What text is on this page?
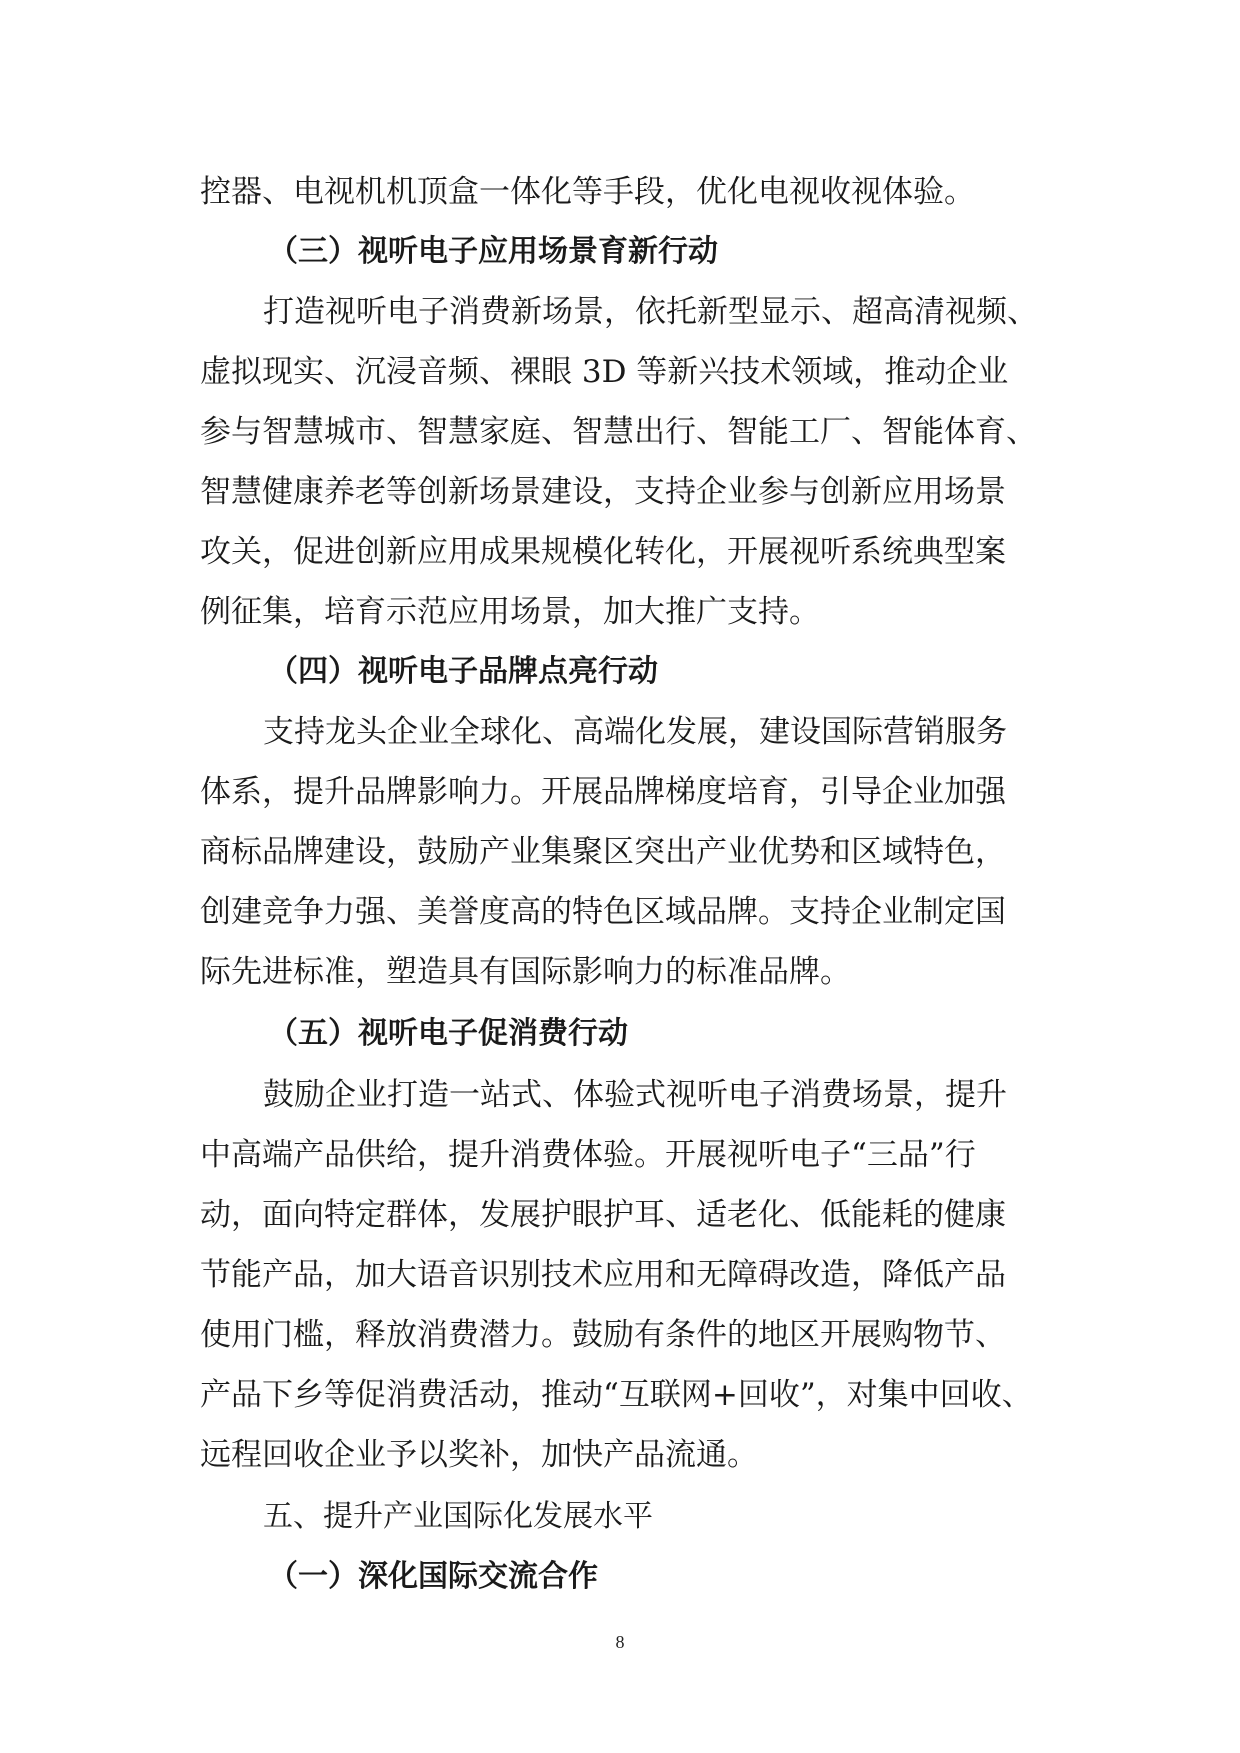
控器、电视机机顶盒一体化等手段，优化电视收视体验。
（三）视听电子应用场景育新行动
打造视听电子消费新场景，依托新型显示、超高清视频、
虚拟现实、沉浸音频、裸眼 3D 等新兴技术领域，推动企业
参与智慧城市、智慧家庭、智慧出行、智能工厂、智能体育、
智慧健康养老等创新场景建设，支持企业参与创新应用场景
攻关，促进创新应用成果规模化转化，开展视听系统典型案
例征集，培育示范应用场景，加大推广支持。
（四）视听电子品牌点亮行动
支持龙头企业全球化、高端化发展，建设国际营销服务
体系，提升品牌影响力。开展品牌梯度培育，引导企业加强
商标品牌建设，鼓励产业集聚区突出产业优势和区域特色，
创建竞争力强、美誉度高的特色区域品牌。支持企业制定国
际先进标准，塑造具有国际影响力的标准品牌。
（五）视听电子促消费行动
鼓励企业打造一站式、体验式视听电子消费场景，提升
中高端产品供给，提升消费体验。开展视听电子“三品”行
动，面向特定群体，发展护眼护耳、适老化、低能耗的健康
节能产品，加大语音识别技术应用和无障碍改造，降低产品
使用门槛，释放消费潜力。鼓励有条件的地区开展购物节、
产品下乡等促消费活动，推动“互联网+回收”，对集中回收、
远程回收企业予以奖补，加快产品流通。
五、提升产业国际化发展水平
（一）深化国际交流合作
8
